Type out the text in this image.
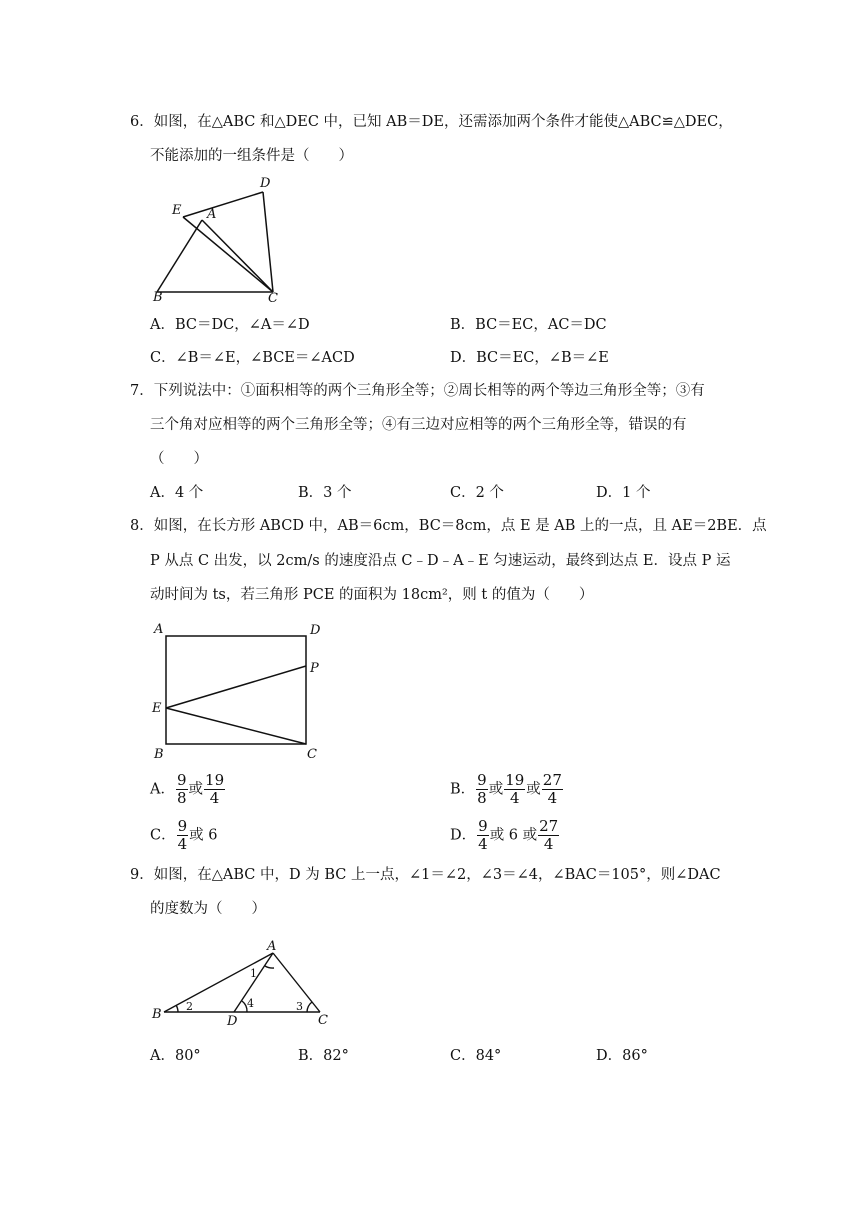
6．如图，在△ABC 和△DEC 中，已知 AB＝DE，还需添加两个条件才能使△ABC≌△DEC，
不能添加的一组条件是（　　）
D
E A
B	C
A．BC＝DC，∠A＝∠D	B．BC＝EC，AC＝DC
C．∠B＝∠E，∠BCE＝∠ACD	D．BC＝EC，∠B＝∠E
7．下列说法中：①面积相等的两个三角形全等；②周长相等的两个等边三角形全等；③有
三个角对应相等的两个三角形全等；④有三边对应相等的两个三角形全等，错误的有
（　　）
A．4 个	B．3 个	C．2 个	D．1 个
8．如图，在长方形 ABCD 中，AB＝6cm，BC＝8cm，点 E 是 AB 上的一点，且 AE＝2BE．点
P 从点 C 出发，以 2cm/s 的速度沿点 C﹣D﹣A﹣E 匀速运动，最终到达点 E．设点 P 运
动时间为 ts，若三角形 PCE 的面积为 18cm²，则 t 的值为（　　）
A	D
P
E
B	C
A． $\frac{9}{8}$ 或 $\frac{19}{4}$	B． $\frac{9}{8}$ 或 $\frac{19}{4}$ 或 $\frac{27}{4}$
C． $\frac{9}{4}$ 或 6	D． $\frac{9}{4}$ 或 6 或 $\frac{27}{4}$
9．如图，在△ABC 中，D 为 BC 上一点，∠1＝∠2，∠3＝∠4，∠BAC＝105°，则∠DAC
的度数为（　　）
A
B	C
D
1
2	3
4
A．80°	B．82°	C．84°	D．86°
